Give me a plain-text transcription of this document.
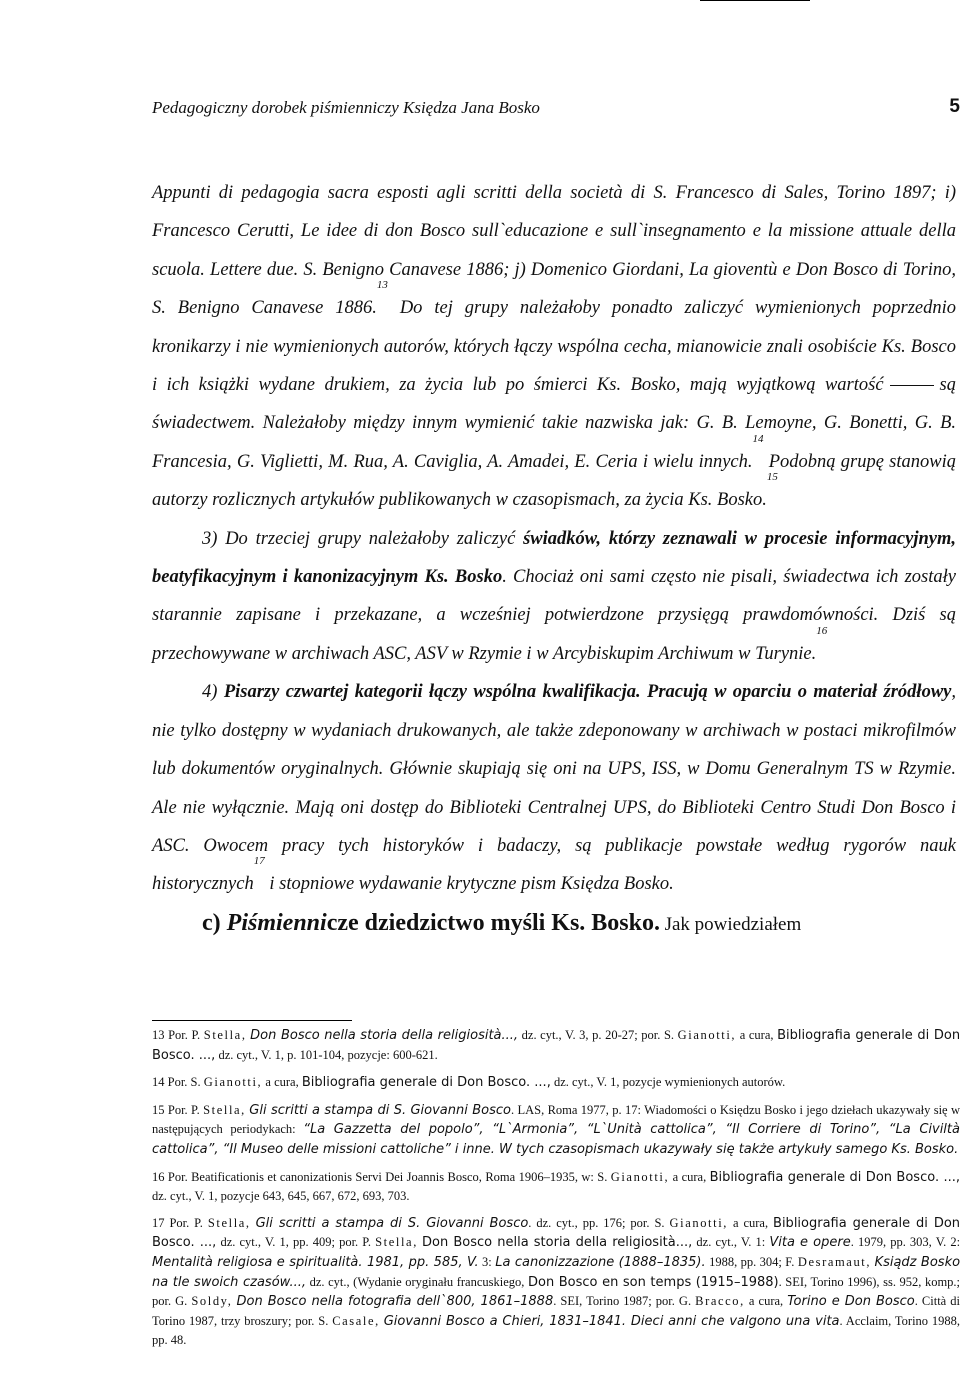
Pedagogiczny dorobek piśmienniczy Księdza Jana Bosko	5

Appunti di pedagogia sacra esposti agli scritti della società di S. Francesco di Sales, Torino 1897; i) Francesco Cerutti, Le idee di don Bosco sull`educazione e sull`insegnamento e la missione attuale della scuola. Lettere due. S. Benigno Canavese 1886; j) Domenico Giordani, La gioventù e Don Bosco di Torino, S. Benigno Canavese 1886.13 Do tej grupy należałoby ponadto zaliczyć wymienionych poprzednio kronikarzy i nie wymienionych autorów, których łączy wspólna cecha, mianowicie znali osobiście Ks. Bosco i ich książki wydane drukiem, za życia lub po śmierci Ks. Bosko, mają wyjątkową wartość	są świadectwem. Należałoby między innym wymienić takie nazwiska jak: G. B. Lemoyne, G. Bonetti, G. B. Francesia, G. Viglietti, M. Rua, A. Caviglia, A. Amadei, E. Ceria i wielu innych.$^{14}$ Podobną grupę stanowią autorzy rozlicznych artykułów publikowanych w czasopismach, za życia Ks. Bosko.$^{15}$

3) Do trzeciej grupy należałoby zaliczyć świadków, którzy zeznawali w procesie informacyjnym, beatyfikacyjnym i kanonizacyjnym Ks. Bosko. Chociaż oni sami często nie pisali, świadectwa ich zostały starannie zapisane i przekazane, a wcześniej potwierdzone przysięgą prawdomówności. Dziś są przechowywane w archiwach ASC, ASV w Rzymie i w Arcybiskupim Archiwum w Turynie.$^{16}$

4) Pisarzy czwartej kategorii łączy wspólna kwalifikacja. Pracują w oparciu o materiał źródłowy, nie tylko dostępny w wydaniach drukowanych, ale także zdeponowany w archiwach w postaci mikrofilmów lub dokumentów oryginalnych. Głównie skupiają się oni na UPS, ISS, w Domu Generalnym TS w Rzymie. Ale nie wyłącznie. Mają oni dostęp do Biblioteki Centralnej UPS, do Biblioteki Centro Studi Don Bosco i ASC. Owocem pracy tych historyków i badaczy, są publikacje powstałe według rygorów nauk historycznych$^{17}$ i stopniowe wydawanie krytyczne pism Księdza Bosko.

c) Piśmiennicze dziedzictwo myśli Ks. Bosko. Jak powiedziałem

13 Por. P. Stella, Don Bosco nella storia della religiosità..., dz. cyt., V. 3, p. 20-27; por. S. Gianotti, a cura, Bibliografia generale di Don Bosco. ..., dz. cyt., V. 1, p. 101-104, pozycje: 600-621.

14 Por. S. Gianotti, a cura, Bibliografia generale di Don Bosco. ..., dz. cyt., V. 1, pozycje wymienionych autorów.

15 Por. P. Stella, Gli scritti a stampa di S. Giovanni Bosco. LAS, Roma 1977, p. 17: Wiadomości o Księdzu Bosko i jego dziełach ukazywały się w następujących periodykach: “La Gazzetta del popolo”, “L`Armonia”, “L`Unità cattolica”, “Il Corriere di Torino”, “La Civiltà cattolica”, “Il Museo delle missioni cattoliche” i inne. W tych czasopismach ukazywały się także artykuły samego Ks. Bosko.

16 Por. Beatificationis et canonizationis Servi Dei Joannis Bosco, Roma 1906–1935, w: S. Gianotti, a cura, Bibliografia generale di Don Bosco. ..., dz. cyt., V. 1, pozycje 643, 645, 667, 672, 693, 703.

17 Por. P. Stella, Gli scritti a stampa di S. Giovanni Bosco. dz. cyt., pp. 176; por. S. Gianotti, a cura, Bibliografia generale di Don Bosco. ..., dz. cyt., V. 1, pp. 409; por. P. Stella, Don Bosco nella storia della religiosità..., dz. cyt., V. 1: Vita e opere. 1979, pp. 303, V. 2: Mentalità religiosa e spiritualità. 1981, pp. 585, V. 3: La canonizzazione (1888–1835). 1988, pp. 304; F. Desramaut, Ksiądz Bosko na tle swoich czasów..., dz. cyt., (Wydanie oryginału francuskiego, Don Bosco en son temps (1915–1988). SEI, Torino 1996), ss. 952, komp.; por. G. Soldy, Don Bosco nella fotografia dell`800, 1861–1888. SEI, Torino 1987; por. G. Bracco, a cura, Torino e Don Bosco. Città di Torino 1987, trzy broszury; por. S. Casale, Giovanni Bosco a Chieri, 1831–1841. Dieci anni che valgono una vita. Acclaim, Torino 1988, pp. 48.
